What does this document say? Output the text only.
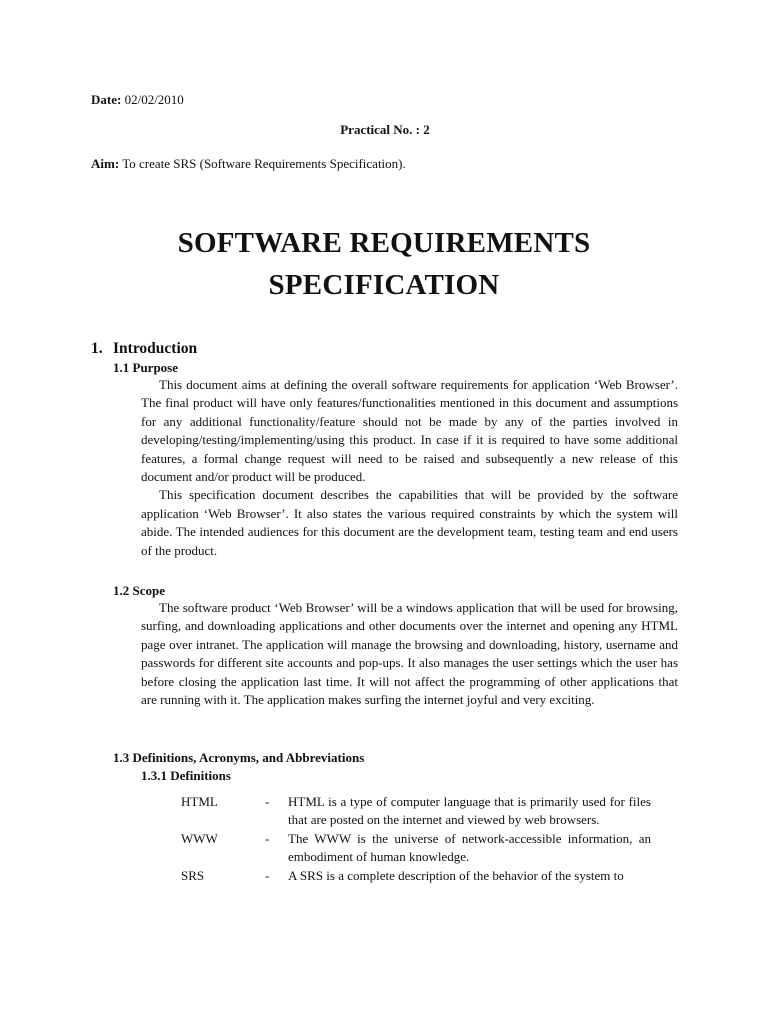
Date: 02/02/2010
Practical No. : 2
Aim: To create SRS (Software Requirements Specification).
SOFTWARE REQUIREMENTS
SPECIFICATION
1. Introduction
1.1 Purpose

This document aims at defining the overall software requirements for application ‘Web Browser’. The final product will have only features/functionalities mentioned in this document and assumptions for any additional functionality/feature should not be made by any of the parties involved in developing/testing/implementing/using this product. In case if it is required to have some additional features, a formal change request will need to be raised and subsequently a new release of this document and/or product will be produced.

This specification document describes the capabilities that will be provided by the software application ‘Web Browser’. It also states the various required constraints by which the system will abide. The intended audiences for this document are the development team, testing team and end users of the product.

1.2 Scope

The software product ‘Web Browser’ will be a windows application that will be used for browsing, surfing, and downloading applications and other documents over the internet and opening any HTML page over intranet. The application will manage the browsing and downloading, history, username and passwords for different site accounts and pop-ups. It also manages the user settings which the user has before closing the application last time. It will not affect the programming of other applications that are running with it. The application makes surfing the internet joyful and very exciting.

1.3 Definitions, Acronyms, and Abbreviations
1.3.1 Definitions
HTML	-	HTML is a type of computer language that is primarily used for files that are posted on the internet and viewed by web browsers.
WWW	-	The WWW is the universe of network-accessible information, an embodiment of human knowledge.
SRS	-	A SRS is a complete description of the behavior of the system to
